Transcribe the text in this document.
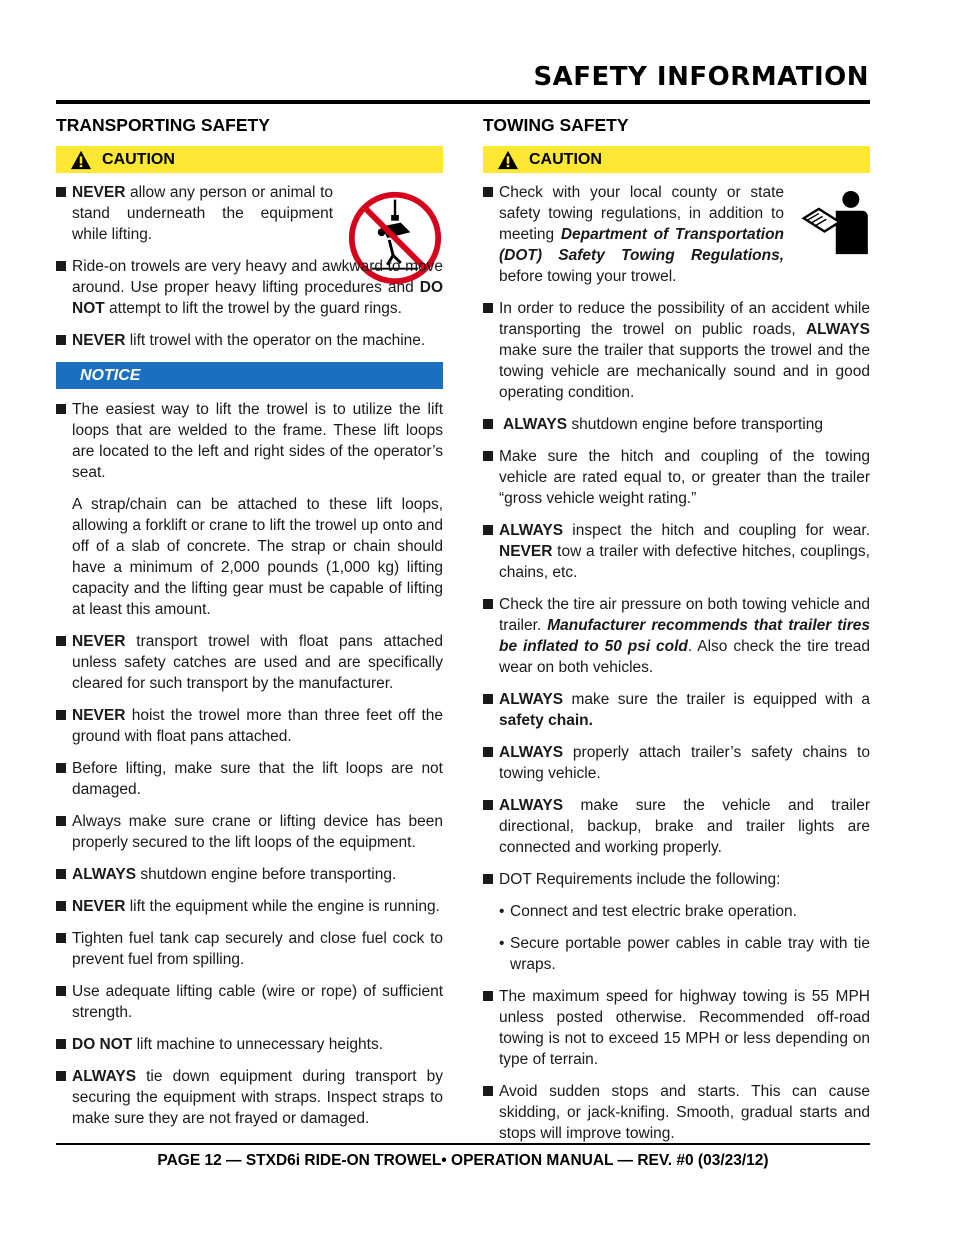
SAFETY INFORMATION
TRANSPORTING SAFETY
CAUTION
NEVER allow any person or animal to stand underneath the equipment while lifting.
Ride-on trowels are very heavy and awkward to move around. Use proper heavy lifting procedures and DO NOT attempt to lift the trowel by the guard rings.
NEVER lift trowel with the operator on the machine.
NOTICE
The easiest way to lift the trowel is to utilize the lift loops that are welded to the frame. These lift loops are located to the left and right sides of the operator’s seat.
A strap/chain can be attached to these lift loops, allowing a forklift or crane to lift the trowel up onto and off of a slab of concrete. The strap or chain should have a minimum of 2,000 pounds (1,000 kg) lifting capacity and the lifting gear must be capable of lifting at least this amount.
NEVER transport trowel with float pans attached unless safety catches are used and are specifically cleared for such transport by the manufacturer.
NEVER hoist the trowel more than three feet off the ground with float pans attached.
Before lifting, make sure that the lift loops are not damaged.
Always make sure crane or lifting device has been properly secured to the lift loops of the equipment.
ALWAYS shutdown engine before transporting.
NEVER lift the equipment while the engine is running.
Tighten fuel tank cap securely and close fuel cock to prevent fuel from spilling.
Use adequate lifting cable (wire or rope) of sufficient strength.
DO NOT lift machine to unnecessary heights.
ALWAYS tie down equipment during transport by securing the equipment with straps. Inspect straps to make sure they are not frayed or damaged.
TOWING SAFETY
CAUTION
Check with your local county or state safety towing regulations, in addition to meeting Department of Transportation (DOT) Safety Towing Regulations, before towing your trowel.
In order to reduce the possibility of an accident while transporting the trowel on public roads, ALWAYS make sure the trailer that supports the trowel and the towing vehicle are mechanically sound and in good operating condition.
ALWAYS shutdown engine before transporting
Make sure the hitch and coupling of the towing vehicle are rated equal to, or greater than the trailer “gross vehicle weight rating.”
ALWAYS inspect the hitch and coupling for wear. NEVER tow a trailer with defective hitches, couplings, chains, etc.
Check the tire air pressure on both towing vehicle and trailer. Manufacturer recommends that trailer tires be inflated to 50 psi cold. Also check the tire tread wear on both vehicles.
ALWAYS make sure the trailer is equipped with a safety chain.
ALWAYS properly attach trailer’s safety chains to towing vehicle.
ALWAYS make sure the vehicle and trailer directional, backup, brake and trailer lights are connected and working properly.
DOT Requirements include the following:
• Connect and test electric brake operation.
• Secure portable power cables in cable tray with tie wraps.
The maximum speed for highway towing is 55 MPH unless posted otherwise. Recommended off-road towing is not to exceed 15 MPH or less depending on type of terrain.
Avoid sudden stops and starts. This can cause skidding, or jack-knifing. Smooth, gradual starts and stops will improve towing.
PAGE 12 — STXD6i RIDE-ON TROWEL• OPERATION MANUAL — REV. #0 (03/23/12)
